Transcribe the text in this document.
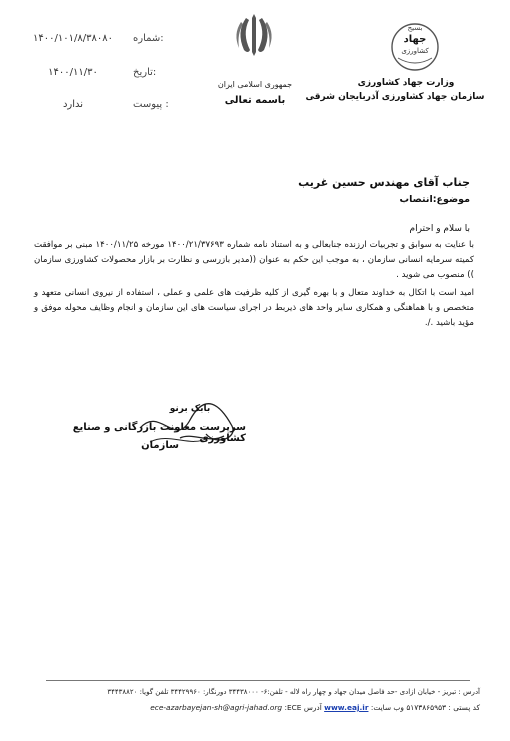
۱۴۰۰/۱۰۱/۸/۳۸۰۸۰	شماره:
۱۴۰۰/۱۱/۳۰	تاریخ:
ندارد	پیوست :
جمهوری اسلامی ایران
باسمه تعالی
بسیج
جهاد
کشاورزی
وزارت جهاد کشاورزی
سازمان جهاد کشاورزی آذربایجان شرقی
جناب آقای مهندس حسین غریب
موضوع:انتصاب
با سلام و احترام
با عنایت به سوابق و تجربیات ارزنده جنابعالی و به استناد نامه شماره ۱۴۰۰/۲۱/۳۷۶۹۳ مورخه ۱۴۰۰/۱۱/۲۵ مبنی بر موافقت کمیته سرمایه انسانی سازمان ، به موجب این حکم به عنوان ((مدیر بازرسی و نظارت بر بازار محصولات کشاورزی سازمان )) منصوب می شوید .
امید است با اتکال به خداوند متعال و با بهره گیری از کلیه ظرفیت های علمی و عملی ، استفاده از نیروی انسانی متعهد و متخصص و با هماهنگی و همکاری سایر واحد های ذیربط در اجرای سیاست های این سازمان و انجام وظایف محوله موفق و مؤید باشید ./.
بابک برنو
سرپرست معاونت بازرگانی و صنایع کشاورزی
سازمان
آدرس : تبریز - خیابان ازادی -حد فاصل میدان جهاد و چهار راه لاله - تلفن:۶- ۳۴۴۳۸۰۰۰ دورنگار: ۳۴۴۲۹۹۶۰ تلفن گویا: ۳۴۴۳۸۸۲۰
کد پستی : ۵۱۷۳۸۶۵۹۵۳ وب سایت: www.eaj.ir آدرس ECE: ece-azarbayejan-sh@agri-jahad.org
